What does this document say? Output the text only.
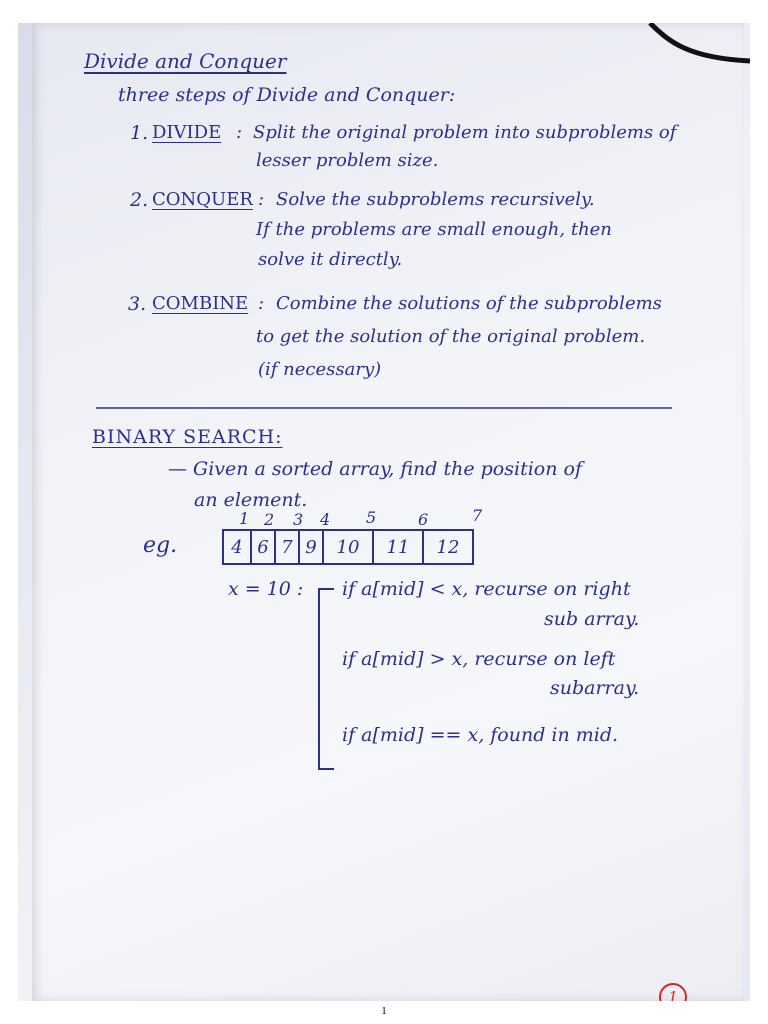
Divide and Conquer
three steps of Divide and Conquer:
1. DIVIDE : Split the original problem into subproblems of
lesser problem size.
2. CONQUER : Solve the subproblems recursively.
If the problems are small enough, then
solve it directly.
3. COMBINE : Combine the solutions of the subproblems
to get the solution of the original problem.
(if necessary)
BINARY SEARCH:
— Given a sorted array, find the position of
an element.
eg.
1 2 3 4 5	6	7
4	6	7	9	10	11	12
x = 10 : if a[mid] < x, recurse on right
sub array.
if a[mid] > x, recurse on left
subarray.
if a[mid] == x, found in mid.
1
1
